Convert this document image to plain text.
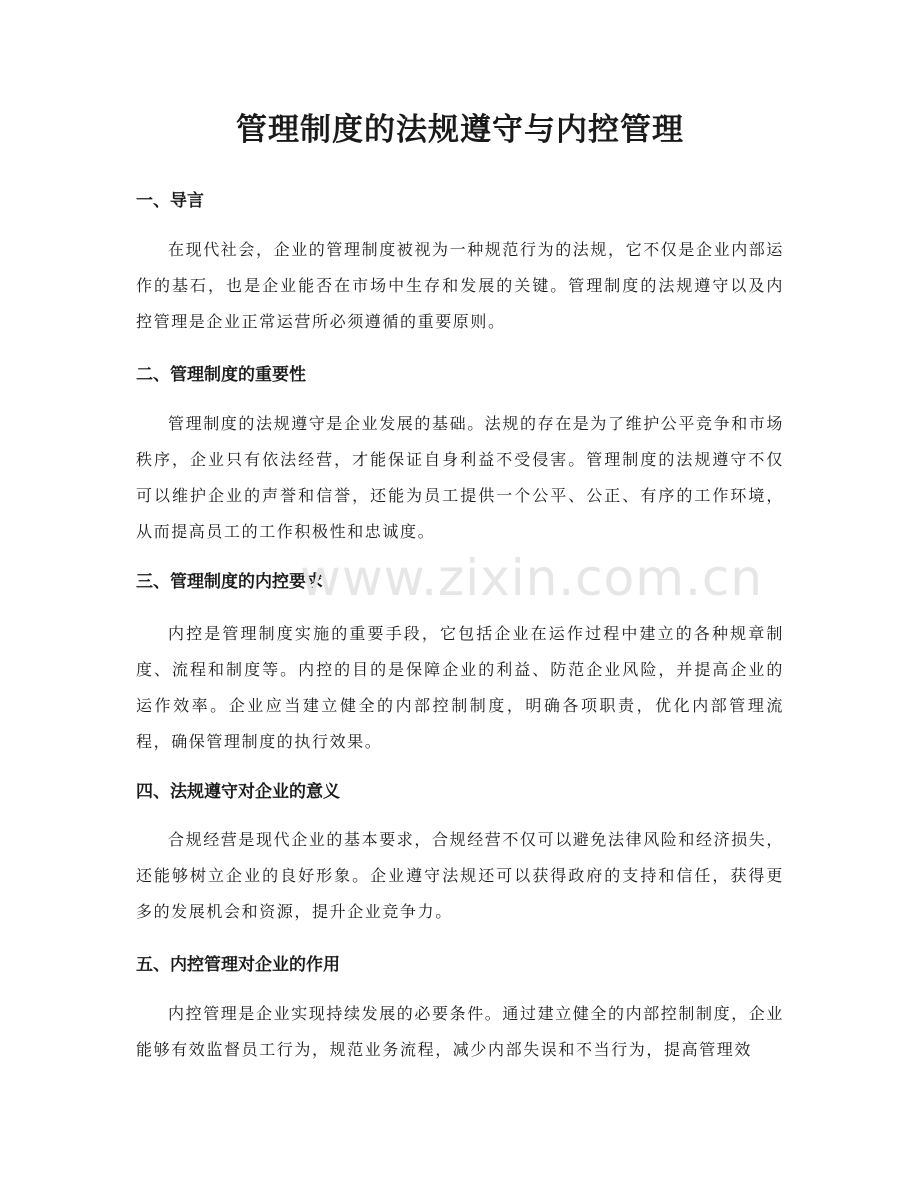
管理制度的法规遵守与内控管理
一、导言

在现代社会，企业的管理制度被视为一种规范行为的法规，它不仅是企业内部运作的基石，也是企业能否在市场中生存和发展的关键。管理制度的法规遵守以及内控管理是企业正常运营所必须遵循的重要原则。

二、管理制度的重要性

管理制度的法规遵守是企业发展的基础。法规的存在是为了维护公平竞争和市场秩序，企业只有依法经营，才能保证自身利益不受侵害。管理制度的法规遵守不仅可以维护企业的声誉和信誉，还能为员工提供一个公平、公正、有序的工作环境，从而提高员工的工作积极性和忠诚度。

三、管理制度的内控要求

内控是管理制度实施的重要手段，它包括企业在运作过程中建立的各种规章制度、流程和制度等。内控的目的是保障企业的利益、防范企业风险，并提高企业的运作效率。企业应当建立健全的内部控制制度，明确各项职责，优化内部管理流程，确保管理制度的执行效果。

四、法规遵守对企业的意义

合规经营是现代企业的基本要求，合规经营不仅可以避免法律风险和经济损失，还能够树立企业的良好形象。企业遵守法规还可以获得政府的支持和信任，获得更多的发展机会和资源，提升企业竞争力。

五、内控管理对企业的作用

内控管理是企业实现持续发展的必要条件。通过建立健全的内部控制制度，企业能够有效监督员工行为，规范业务流程，减少内部失误和不当行为，提高管理效

www.zixin.com.cn
